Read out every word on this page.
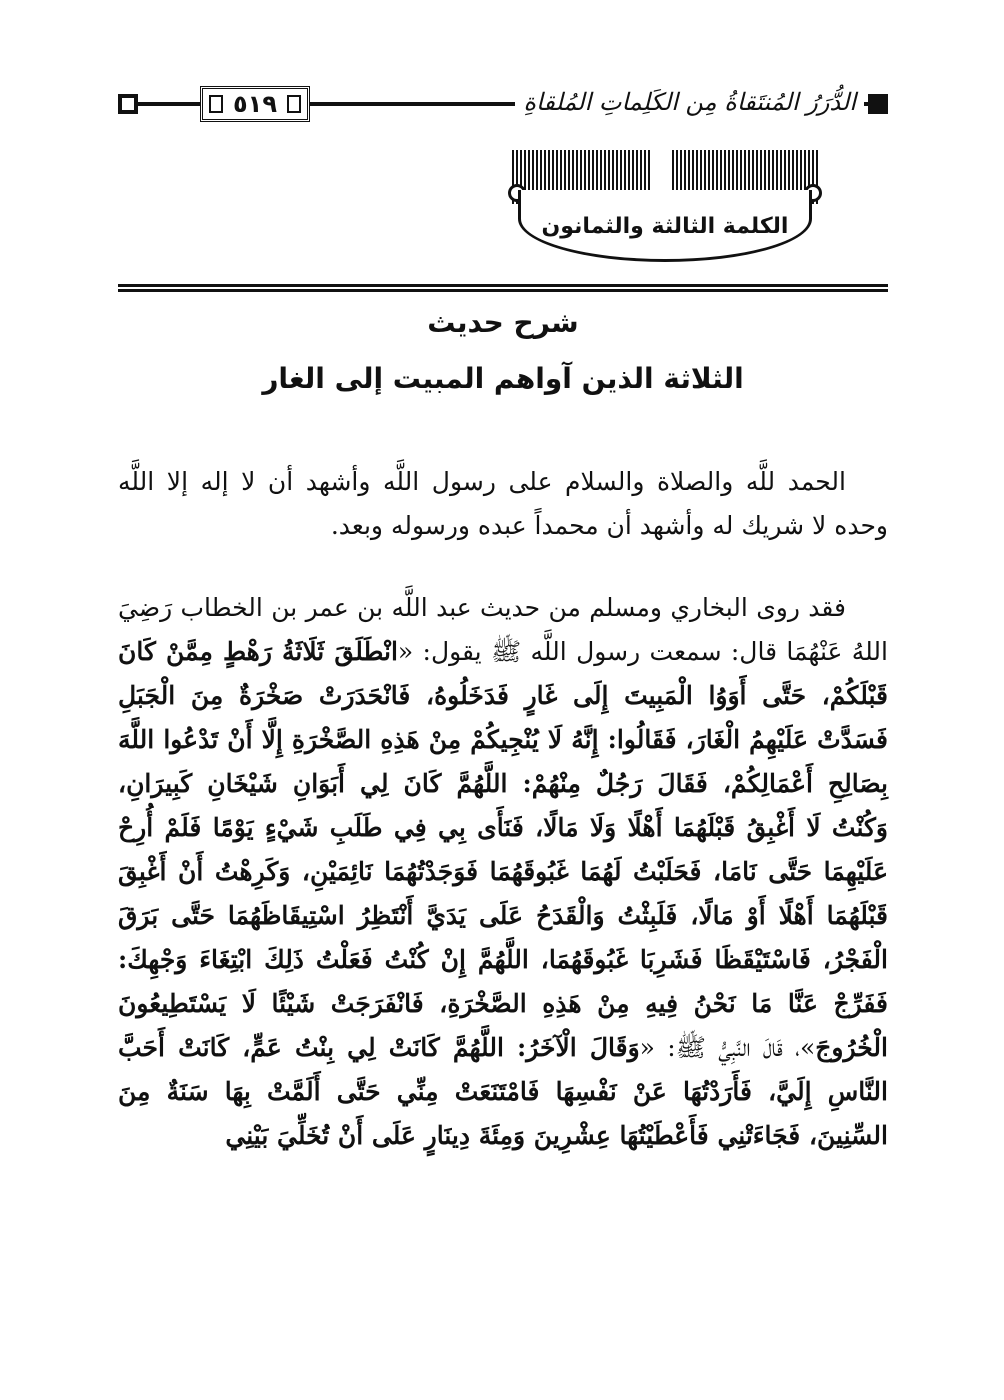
٥١٩	الدُّرَرُ المُنتَقاةُ مِن الكَلِماتِ المُلقاةِ
الكلمة الثالثة والثمانون
شرح حديث
الثلاثة الذين آواهم المبيت إلى الغار

الحمد للَّه والصلاة والسلام على رسول اللَّه وأشهد أن لا إله إلا اللَّه وحده لا شريك له وأشهد أن محمداً عبده ورسوله وبعد.

فقد روى البخاري ومسلم من حديث عبد اللَّه بن عمر بن الخطاب رَضِيَ اللهُ عَنْهُمَا قال: سمعت رسول اللَّه ﷺ يقول: «انْطَلَقَ ثَلَاثَةُ رَهْطٍ مِمَّنْ كَانَ قَبْلَكُمْ، حَتَّى أَوَوُا الْمَبِيتَ إِلَى غَارٍ فَدَخَلُوهُ، فَانْحَدَرَتْ صَخْرَةٌ مِنَ الْجَبَلِ فَسَدَّتْ عَلَيْهِمُ الْغَارَ، فَقَالُوا: إِنَّهُ لَا يُنْجِيكُمْ مِنْ هَذِهِ الصَّخْرَةِ إِلَّا أَنْ تَدْعُوا اللَّهَ بِصَالِحِ أَعْمَالِكُمْ، فَقَالَ رَجُلٌ مِنْهُمْ: اللَّهُمَّ كَانَ لِي أَبَوَانِ شَيْخَانِ كَبِيرَانِ، وَكُنْتُ لَا أَغْبِقُ قَبْلَهُمَا أَهْلًا وَلَا مَالًا، فَنَأَى بِي فِي طَلَبِ شَيْءٍ يَوْمًا فَلَمْ أُرِحْ عَلَيْهِمَا حَتَّى نَامَا، فَحَلَبْتُ لَهُمَا غَبُوقَهُمَا فَوَجَدْتُهُمَا نَائِمَيْنِ، وَكَرِهْتُ أَنْ أَغْبِقَ قَبْلَهُمَا أَهْلًا أَوْ مَالًا، فَلَبِثْتُ وَالْقَدَحُ عَلَى يَدَيَّ أَنْتَظِرُ اسْتِيقَاظَهُمَا حَتَّى بَرَقَ الْفَجْرُ، فَاسْتَيْقَظَا فَشَرِبَا غَبُوقَهُمَا، اللَّهُمَّ إِنْ كُنْتُ فَعَلْتُ ذَلِكَ ابْتِغَاءَ وَجْهِكَ: فَفَرِّجْ عَنَّا مَا نَحْنُ فِيهِ مِنْ هَذِهِ الصَّخْرَةِ، فَانْفَرَجَتْ شَيْئًا لَا يَسْتَطِيعُونَ الْخُرُوجَ»، قَالَ النَّبِيُّ ﷺ: «وَقَالَ الْآخَرُ: اللَّهُمَّ كَانَتْ لِي بِنْتُ عَمٍّ، كَانَتْ أَحَبَّ النَّاسِ إِلَيَّ، فَأَرَدْتُهَا عَنْ نَفْسِهَا فَامْتَنَعَتْ مِنِّي حَتَّى أَلَمَّتْ بِهَا سَنَةٌ مِنَ السِّنِينَ، فَجَاءَتْنِي فَأَعْطَيْتُهَا عِشْرِينَ وَمِئَةَ دِينَارٍ عَلَى أَنْ تُخَلِّيَ بَيْنِي
